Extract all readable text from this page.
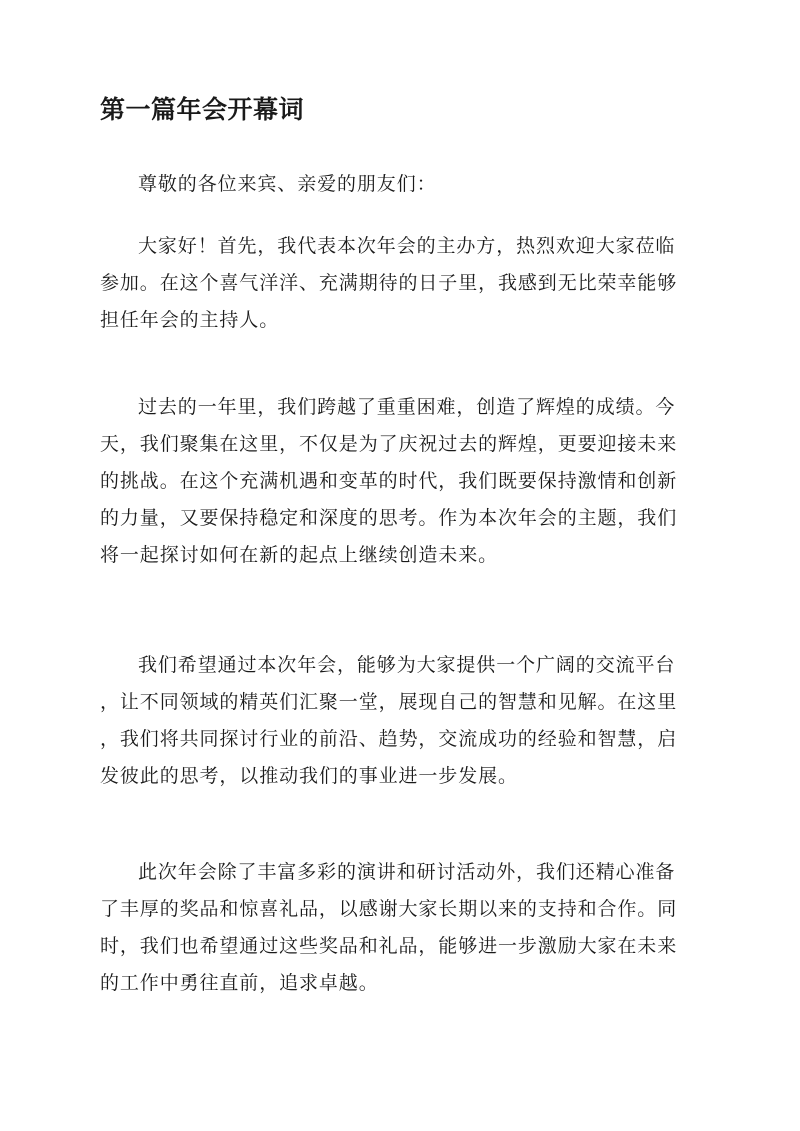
第一篇年会开幕词
尊敬的各位来宾、亲爱的朋友们：
大家好！首先，我代表本次年会的主办方，热烈欢迎大家莅临
参加。在这个喜气洋洋、充满期待的日子里，我感到无比荣幸能够
担任年会的主持人。
过去的一年里，我们跨越了重重困难，创造了辉煌的成绩。今
天，我们聚集在这里，不仅是为了庆祝过去的辉煌，更要迎接未来
的挑战。在这个充满机遇和变革的时代，我们既要保持激情和创新
的力量，又要保持稳定和深度的思考。作为本次年会的主题，我们
将一起探讨如何在新的起点上继续创造未来。
我们希望通过本次年会，能够为大家提供一个广阔的交流平台
，让不同领域的精英们汇聚一堂，展现自己的智慧和见解。在这里
，我们将共同探讨行业的前沿、趋势，交流成功的经验和智慧，启
发彼此的思考，以推动我们的事业进一步发展。
此次年会除了丰富多彩的演讲和研讨活动外，我们还精心准备
了丰厚的奖品和惊喜礼品，以感谢大家长期以来的支持和合作。同
时，我们也希望通过这些奖品和礼品，能够进一步激励大家在未来
的工作中勇往直前，追求卓越。
